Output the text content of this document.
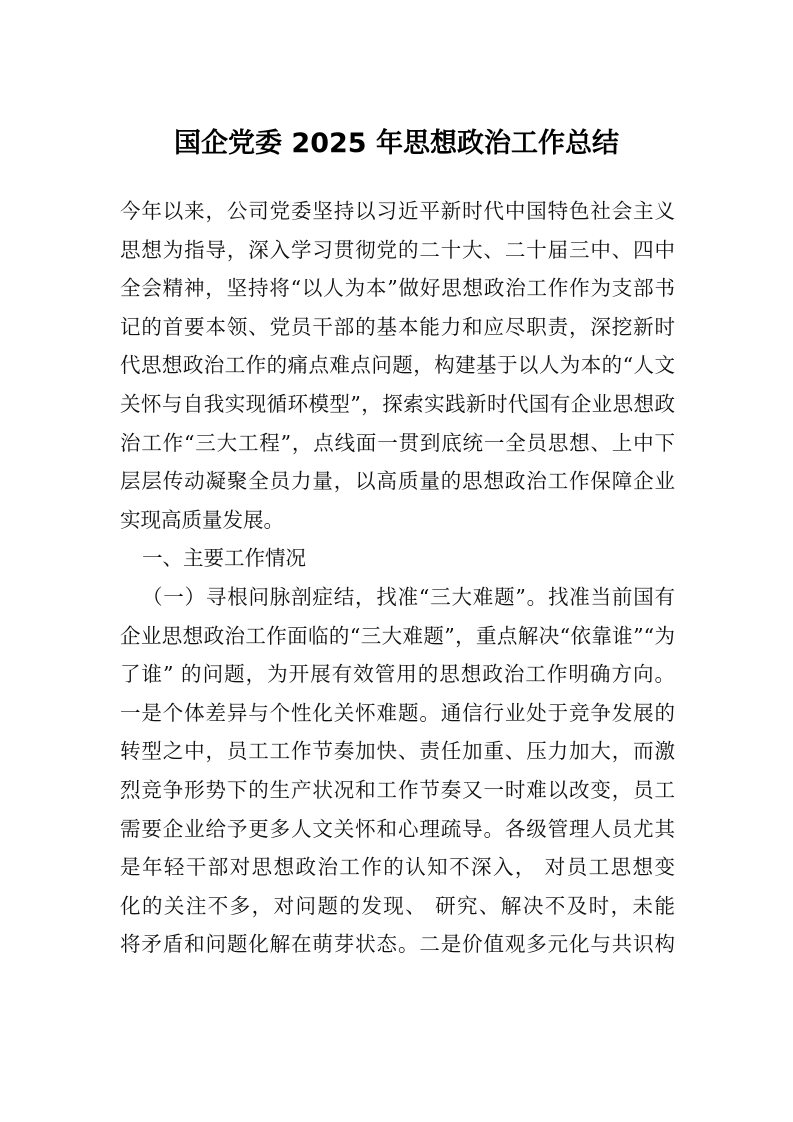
国企党委 2025 年思想政治工作总结
今年以来，公司党委坚持以习近平新时代中国特色社会主义
思想为指导，深入学习贯彻党的二十大、二十届三中、四中
全会精神，坚持将“以人为本”做好思想政治工作作为支部书
记的首要本领、党员干部的基本能力和应尽职责，深挖新时
代思想政治工作的痛点难点问题，构建基于以人为本的“人文
关怀与自我实现循环模型”，探索实践新时代国有企业思想政
治工作“三大工程”，点线面一贯到底统一全员思想、上中下
层层传动凝聚全员力量，以高质量的思想政治工作保障企业
实现高质量发展。
一、主要工作情况
（一）寻根问脉剖症结，找准“三大难题”。找准当前国有
企业思想政治工作面临的“三大难题”，重点解决“依靠谁”“为
了谁” 的问题，为开展有效管用的思想政治工作明确方向。
一是个体差异与个性化关怀难题。通信行业处于竞争发展的
转型之中，员工工作节奏加快、责任加重、压力加大，而激
烈竞争形势下的生产状况和工作节奏又一时难以改变，员工
需要企业给予更多人文关怀和心理疏导。各级管理人员尤其
是年轻干部对思想政治工作的认知不深入， 对员工思想变
化的关注不多，对问题的发现、 研究、解决不及时，未能
将矛盾和问题化解在萌芽状态。二是价值观多元化与共识构
